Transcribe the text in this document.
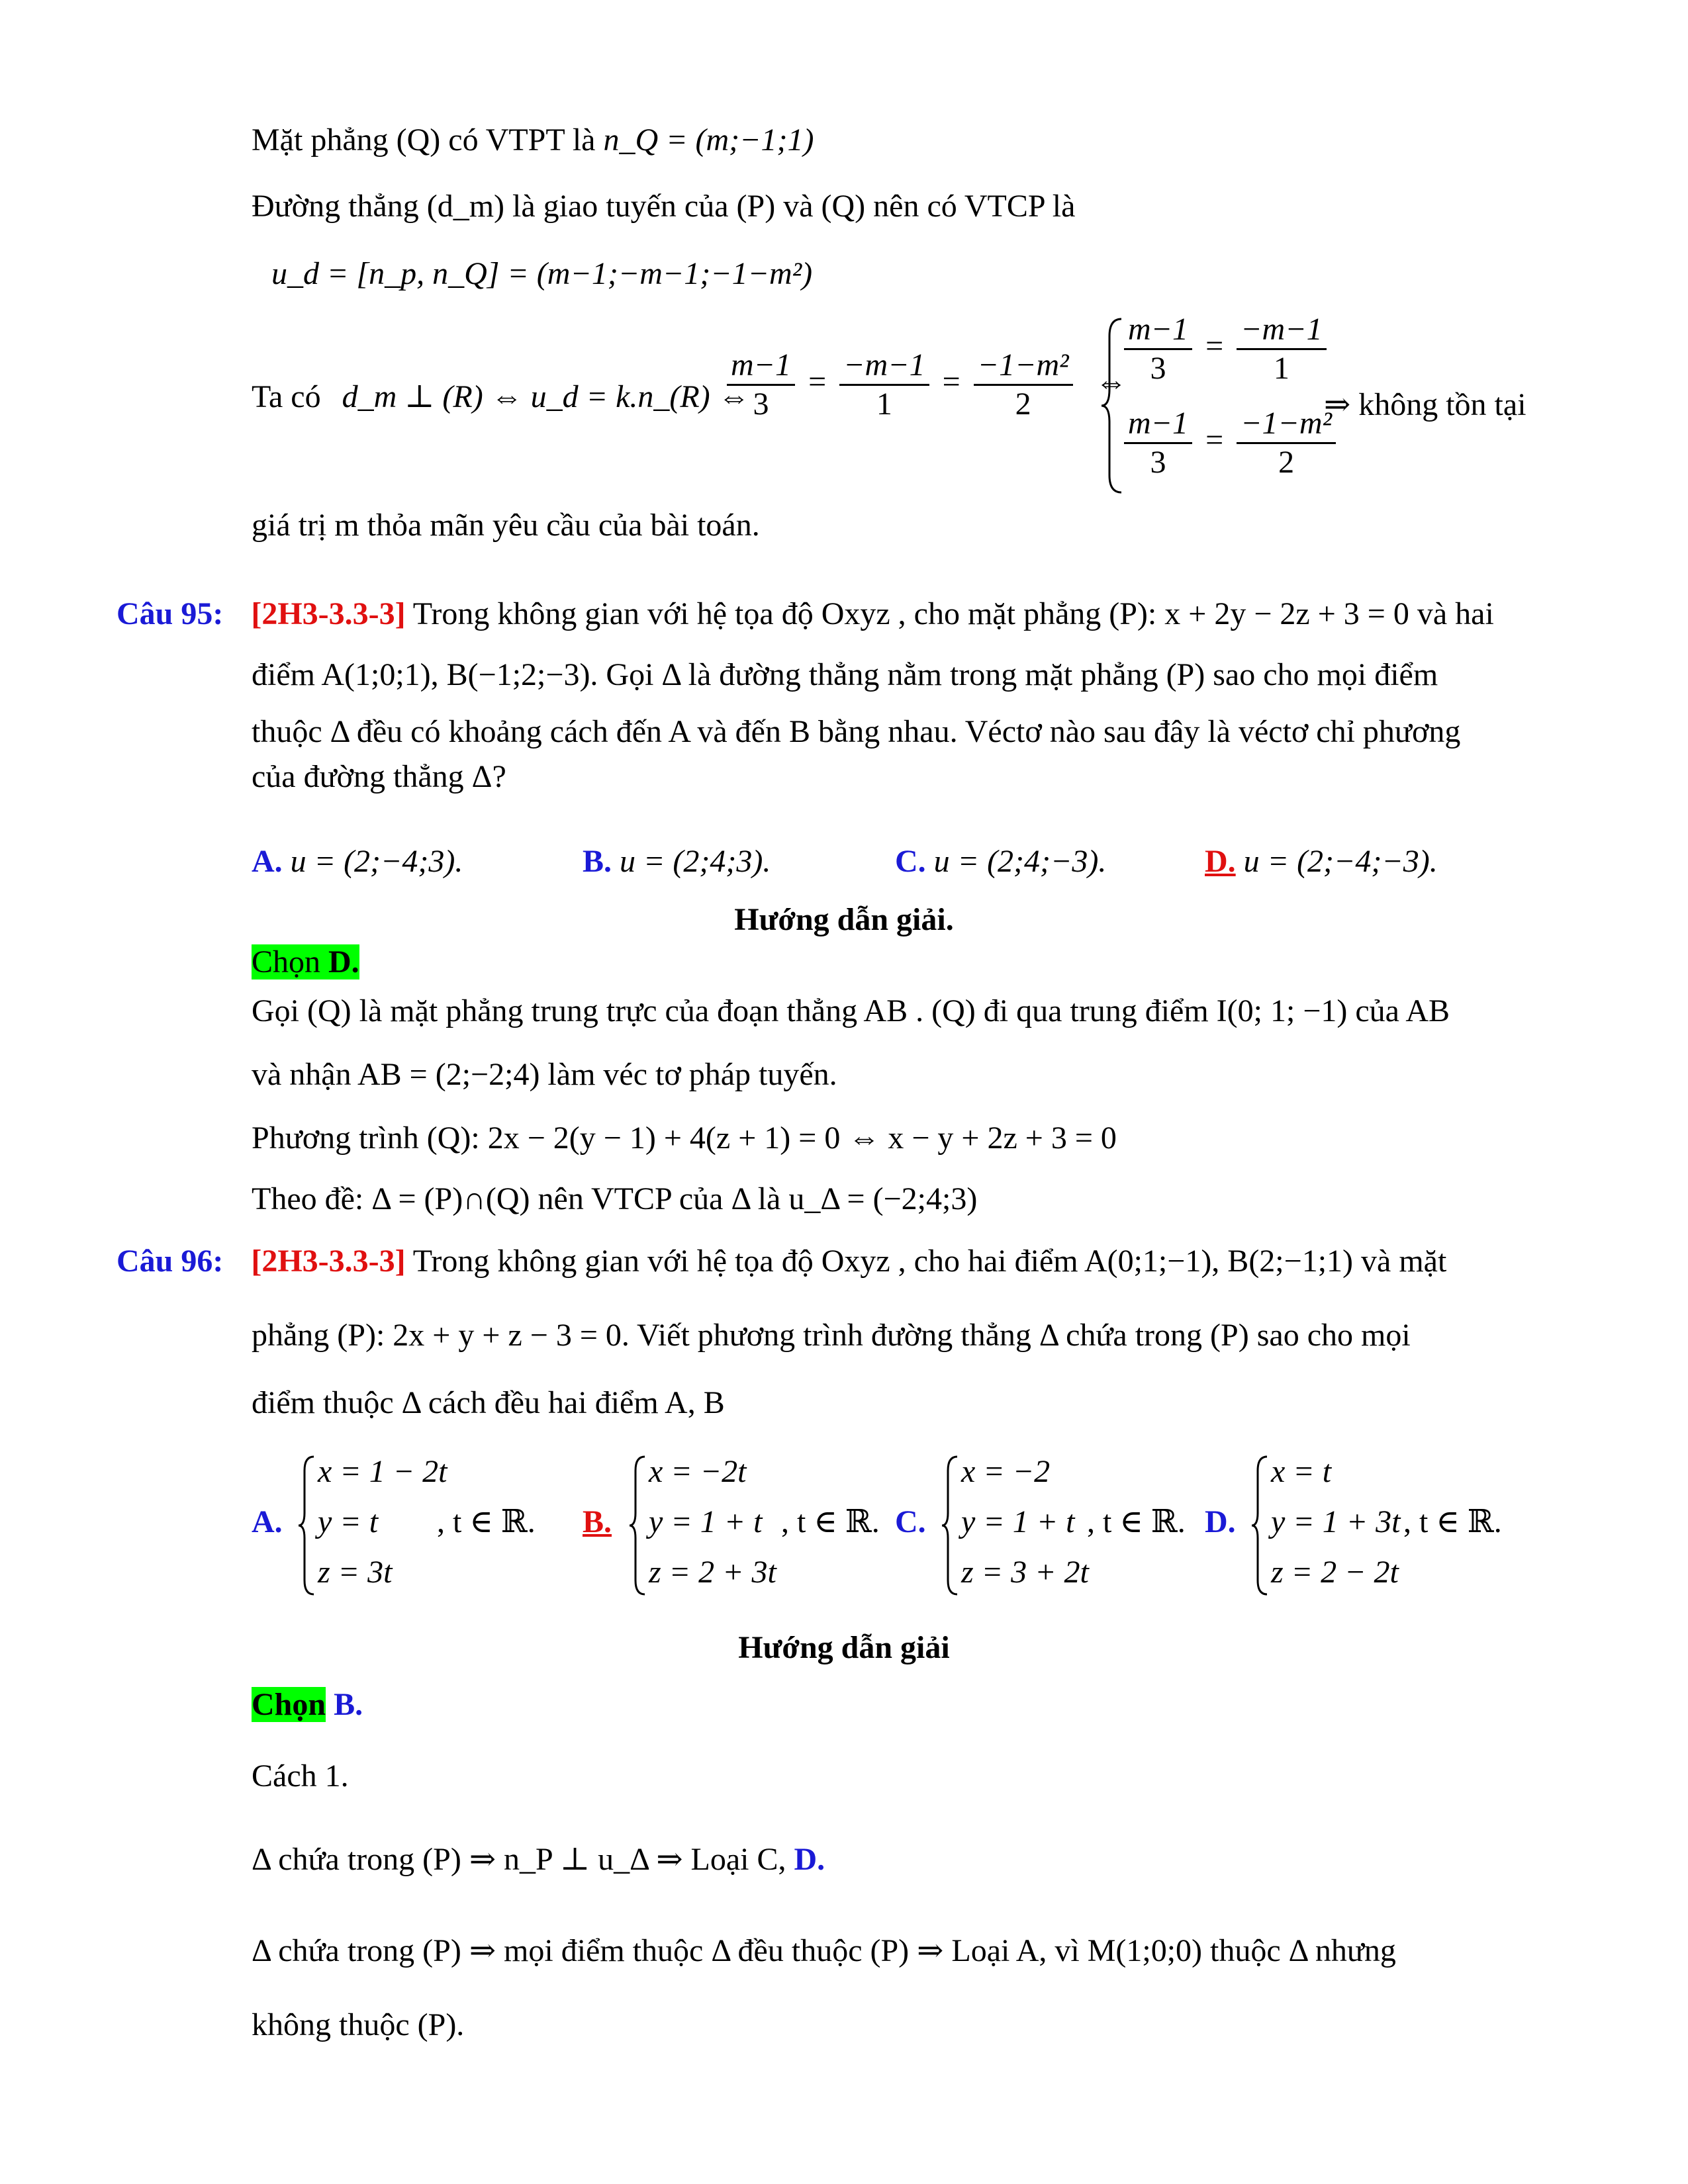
Mặt phẳng (Q) có VTPT là n_Q = (m;−1;1)
Đường thẳng (d_m) là giao tuyến của (P) và (Q) nên có VTCP là
u_d = [n_p, n_Q] = (m−1;−m−1;−1−m²)
Ta có d_m ⊥ (R) ⇔ u_d = k.n_(R) ⇔
$\frac{m-1}{3} = \frac{-m-1}{1} = \frac{\text{−1−m²}}{2}$ ⇔
$\frac{m-1}{3} = \frac{-m-1}{1}$
$\frac{m-1}{3} = \frac{\text{−1−m²}}{2}$
⇒ không tồn tại
giá trị m thỏa mãn yêu cầu của bài toán.
Câu 95: [2H3-3.3-3] Trong không gian với hệ tọa độ Oxyz , cho mặt phẳng (P): x + 2y − 2z + 3 = 0 và hai
điểm A(1;0;1), B(−1;2;−3). Gọi Δ là đường thẳng nằm trong mặt phẳng (P) sao cho mọi điểm
thuộc Δ đều có khoảng cách đến A và đến B bằng nhau. Véctơ nào sau đây là véctơ chỉ phương
của đường thẳng Δ?
A. u = (2;−4;3).	B. u = (2;4;3).	C. u = (2;4;−3).	D. u = (2;−4;−3).
Hướng dẫn giải.
Chọn D.
Gọi (Q) là mặt phẳng trung trực của đoạn thẳng AB . (Q) đi qua trung điểm I(0; 1; −1) của AB
và nhận AB = (2;−2;4) làm véc tơ pháp tuyến.
Phương trình (Q): 2x − 2(y − 1) + 4(z + 1) = 0 ⇔ x − y + 2z + 3 = 0
Theo đề: Δ = (P)∩(Q) nên VTCP của Δ là u_Δ = (−2;4;3)
Câu 96: [2H3-3.3-3] Trong không gian với hệ tọa độ Oxyz , cho hai điểm A(0;1;−1), B(2;−1;1) và mặt
phẳng (P): 2x + y + z − 3 = 0. Viết phương trình đường thẳng Δ chứa trong (P) sao cho mọi
điểm thuộc Δ cách đều hai điểm A, B
A.
x = 1 − 2t
y = t
z = 3t
, t ∈ ℝ. B.
x = −2t
y = 1 + t
z = 2 + 3t
, t ∈ ℝ. C.
x = −2
y = 1 + t
z = 3 + 2t
, t ∈ ℝ. D.
x = t
y = 1 + 3t
z = 2 − 2t
, t ∈ ℝ.
Hướng dẫn giải
Chọn B.
Cách 1.
Δ chứa trong (P) ⇒ n_P ⊥ u_Δ ⇒ Loại C, D.
Δ chứa trong (P) ⇒ mọi điểm thuộc Δ đều thuộc (P) ⇒ Loại A, vì M(1;0;0) thuộc Δ nhưng
không thuộc (P).
